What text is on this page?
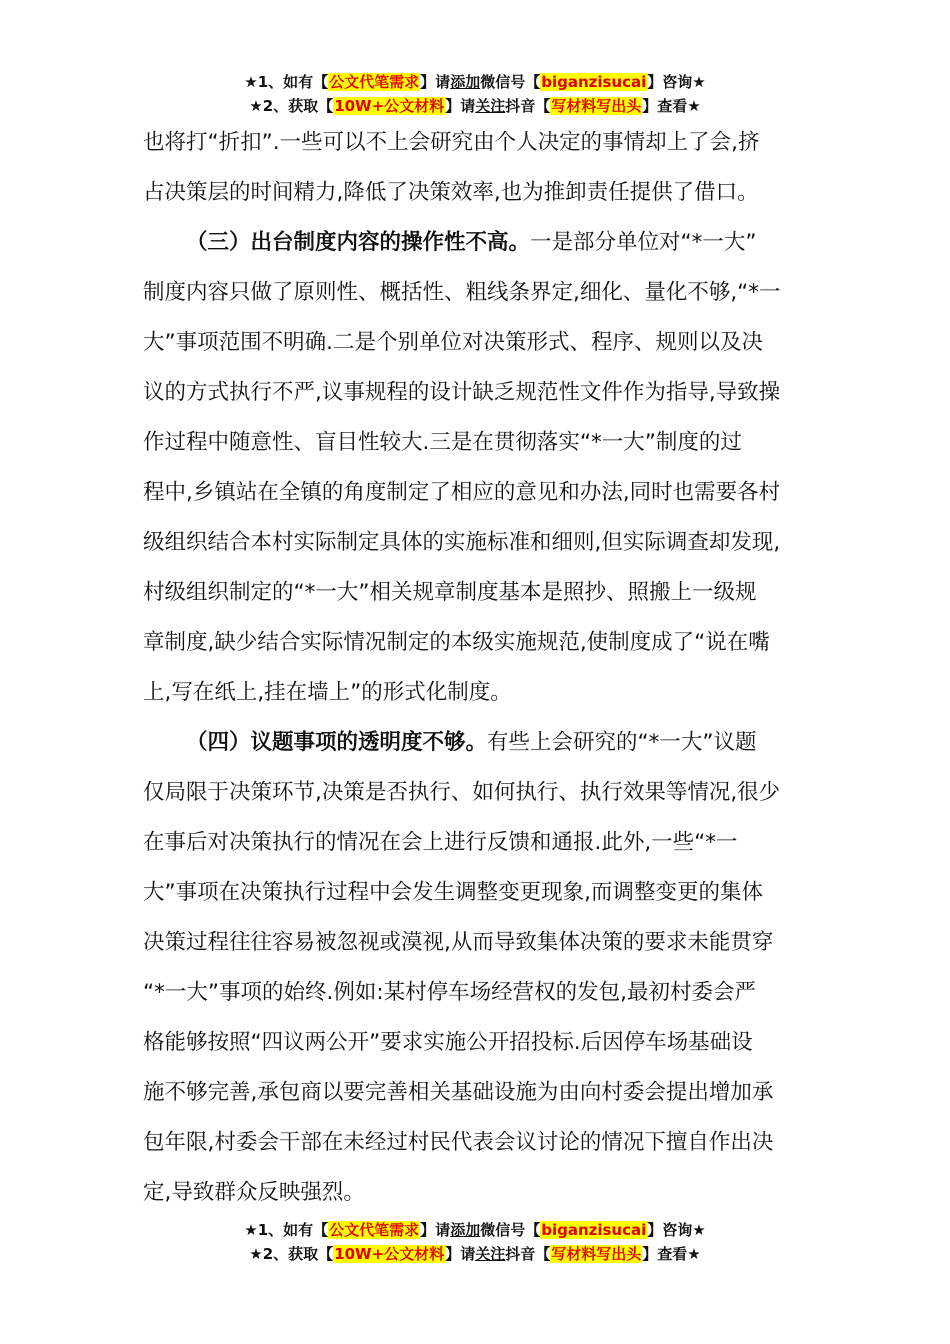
★1、如有【公文代笔需求】请添加微信号【biganzisucai】咨询★
★2、获取【10W+公文材料】请关注抖音【写材料写出头】查看★
也将打“折扣”.一些可以不上会研究由个人决定的事情却上了会,挤
占决策层的时间精力,降低了决策效率,也为推卸责任提供了借口。
（三）出台制度内容的操作性不高。一是部分单位对“*一大”
制度内容只做了原则性、概括性、粗线条界定,细化、量化不够,“*一
大”事项范围不明确.二是个别单位对决策形式、程序、规则以及决
议的方式执行不严,议事规程的设计缺乏规范性文件作为指导,导致操
作过程中随意性、盲目性较大.三是在贯彻落实“*一大”制度的过
程中,乡镇站在全镇的角度制定了相应的意见和办法,同时也需要各村
级组织结合本村实际制定具体的实施标准和细则,但实际调查却发现,
村级组织制定的“*一大”相关规章制度基本是照抄、照搬上一级规
章制度,缺少结合实际情况制定的本级实施规范,使制度成了“说在嘴
上,写在纸上,挂在墙上”的形式化制度。
（四）议题事项的透明度不够。有些上会研究的“*一大”议题
仅局限于决策环节,决策是否执行、如何执行、执行效果等情况,很少
在事后对决策执行的情况在会上进行反馈和通报.此外,一些“*一
大”事项在决策执行过程中会发生调整变更现象,而调整变更的集体
决策过程往往容易被忽视或漠视,从而导致集体决策的要求未能贯穿
“*一大”事项的始终.例如:某村停车场经营权的发包,最初村委会严
格能够按照“四议两公开”要求实施公开招投标.后因停车场基础设
施不够完善,承包商以要完善相关基础设施为由向村委会提出增加承
包年限,村委会干部在未经过村民代表会议讨论的情况下擅自作出决
定,导致群众反映强烈。
★1、如有【公文代笔需求】请添加微信号【biganzisucai】咨询★
★2、获取【10W+公文材料】请关注抖音【写材料写出头】查看★
